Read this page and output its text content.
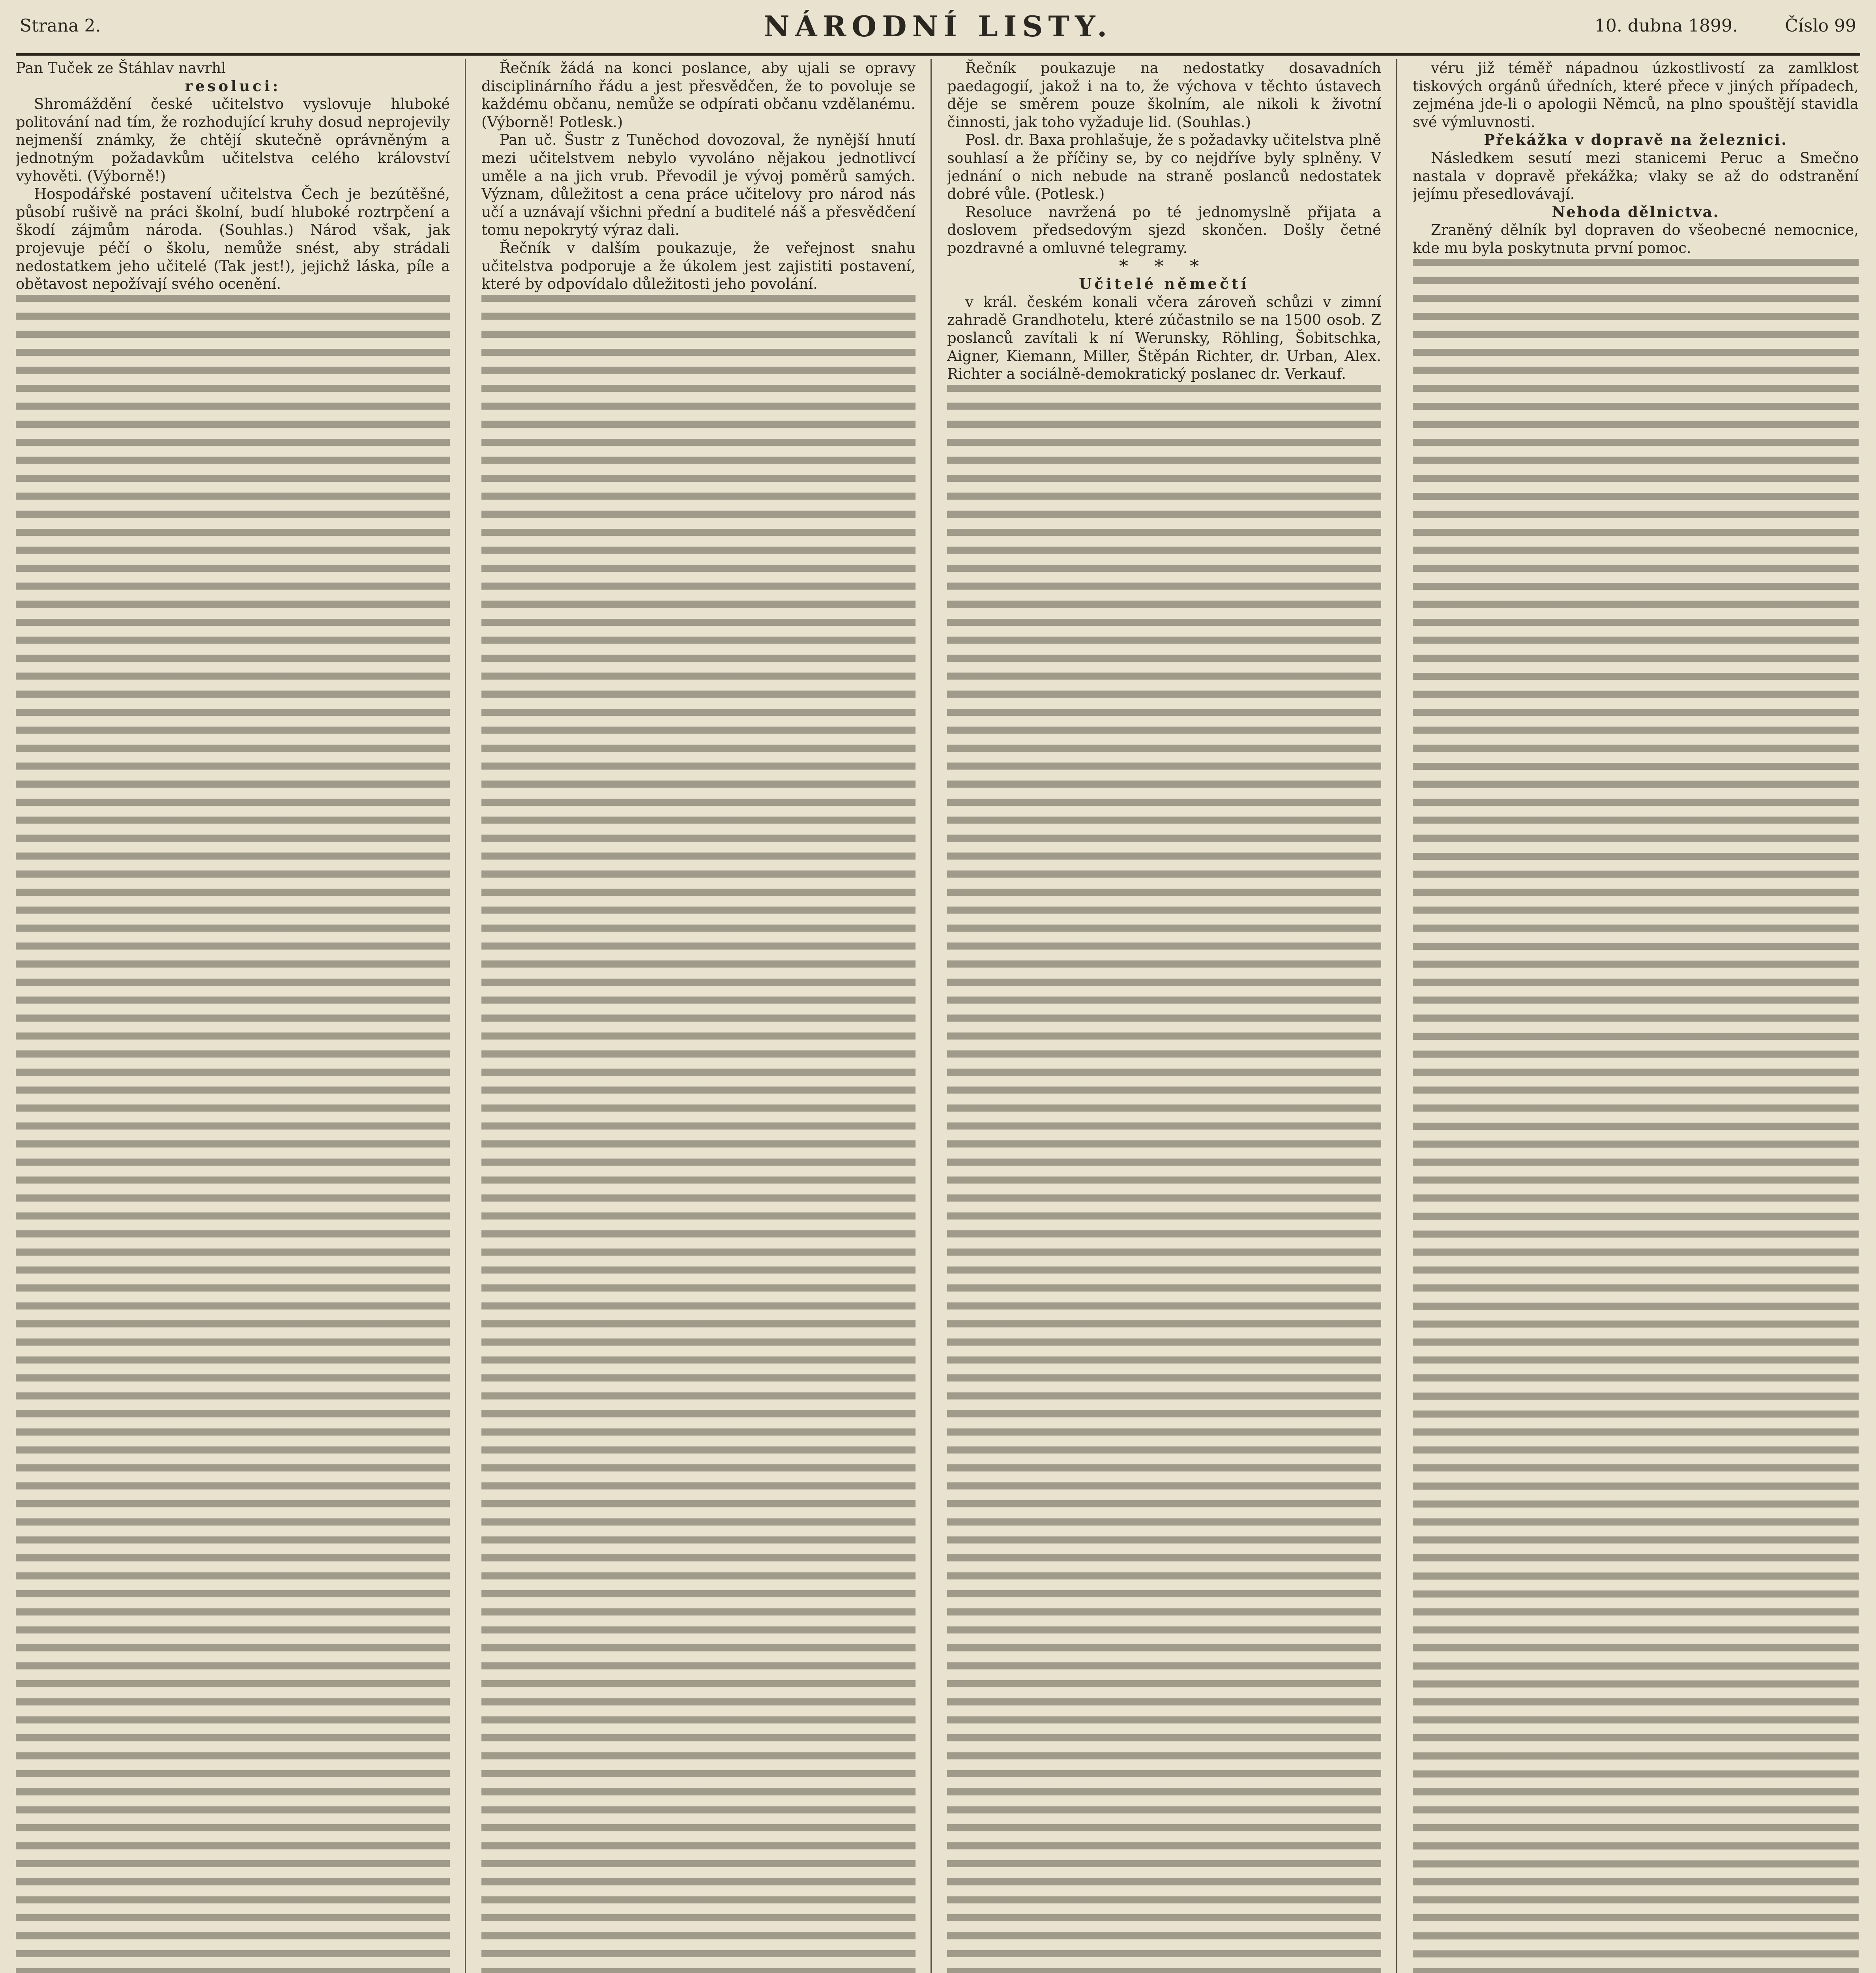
Strana 2.	NÁRODNÍ LISTY.	10. dubna 1899.	Číslo 99

Pan Tuček ze Štáhlav navrhl

resoluci:

Shromáždění české učitelstvo vyslovuje hluboké politování nad tím, že rozhodující kruhy dosud neprojevily nejmenší známky, že chtějí skutečně oprávněným a jednotným požadavkům učitelstva celého království vyhověti. (Výborně!)

Hospodářské postavení učitelstva Čech je bezútěšné, působí rušivě na práci školní, budí hluboké roztrpčení a škodí zájmům národa. (Souhlas.) Národ však, jak projevuje péčí o školu, nemůže snést, aby strádali nedostatkem jeho učitelé (Tak jest!), jejichž láska, píle a obětavost nepožívají svého ocenění.

Řečník žádá na konci poslance, aby ujali se opravy disciplinárního řádu a jest přesvědčen, že to povoluje se každému občanu, nemůže se odpírati občanu vzdělanému. (Výborně! Potlesk.)

Pan uč. Šustr z Tuněchod dovozoval, že nynější hnutí mezi učitelstvem nebylo vyvoláno nějakou jednotlivcí uměle a na jich vrub. Převodil je vývoj poměrů samých. Význam, důležitost a cena práce učitelovy pro národ nás učí a uznávají všichni přední a buditelé náš a přesvědčení tomu nepokrytý výraz dali.

Řečník v dalším poukazuje, že veřejnost snahu učitelstva podporuje a že úkolem jest zajistiti postavení, které by odpovídalo důležitosti jeho povolání.

Řečník poukazuje na nedostatky dosavadních paedagogií, jakož i na to, že výchova v těchto ústavech děje se směrem pouze školním, ale nikoli k životní činnosti, jak toho vyžaduje lid. (Souhlas.)

Posl. dr. Baxa prohlašuje, že s požadavky učitelstva plně souhlasí a že příčiny se, by co nejdříve byly splněny. V jednání o nich nebude na straně poslanců nedostatek dobré vůle. (Potlesk.)

Resoluce navržená po té jednomyslně přijata a doslovem předsedovým sjezd skončen. Došly četné pozdravné a omluvné telegramy.

* * *

Učitelé němečtí

v král. českém konali včera zároveň schůzi v zimní zahradě Grandhotelu, které zúčastnilo se na 1500 osob. Z poslanců zavítali k ní Werunsky, Röhling, Šobitschka, Aigner, Kiemann, Miller, Štěpán Richter, dr. Urban, Alex. Richter a sociálně-demokratický poslanec dr. Verkauf.

véru již téměř nápadnou úzkostlivostí za zamlklost tiskových orgánů úředních, které přece v jiných případech, zejména jde-li o apologii Němců, na plno spouštějí stavidla své výmluvnosti.

Překážka v dopravě na železnici.

Následkem sesutí mezi stanicemi Peruc a Smečno nastala v dopravě překážka; vlaky se až do odstranění jejímu přesedlovávají.

Nehoda dělnictva.

Zraněný dělník byl dopraven do všeobecné nemocnice, kde mu byla poskytnuta první pomoc.
